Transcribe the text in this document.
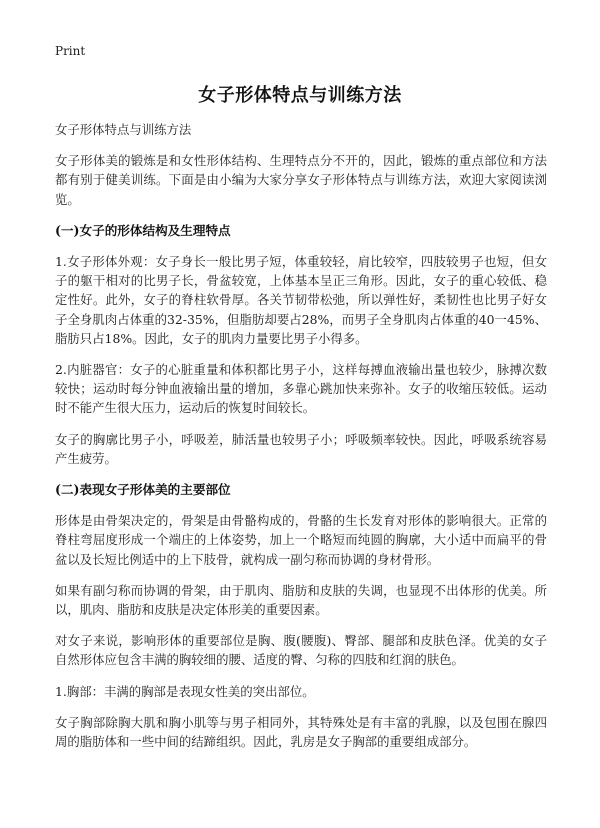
Print
女子形体特点与训练方法

女子形体特点与训练方法

女子形体美的锻炼是和女性形体结构、生理特点分不开的，因此，锻炼的重点部位和方法都有别于健美训练。下面是由小编为大家分享女子形体特点与训练方法，欢迎大家阅读浏览。

(一)女子的形体结构及生理特点

1.女子形体外观：女子身长一般比男子短，体重较轻，肩比较窄，四肢较男子也短，但女子的躯干相对的比男子长，骨盆较宽，上体基本呈正三角形。因此，女子的重心较低、稳定性好。此外，女子的脊柱软骨厚。各关节韧带松弛，所以弹性好，柔韧性也比男子好女子全身肌肉占体重的32-35%，但脂肪却要占28%，而男子全身肌肉占体重的40一45%、脂肪只占18%。因此，女子的肌肉力量要比男子小得多。

2.内脏器官：女子的心脏重量和体积都比男子小，这样每搏血液输出量也较少，脉搏次数较快；运动时每分钟血液输出量的增加，多靠心跳加快来弥补。女子的收缩压较低。运动时不能产生很大压力，运动后的恢复时间较长。

女子的胸廓比男子小，呼吸差，肺活量也较男子小；呼吸频率较快。因此，呼吸系统容易产生疲劳。

(二)表现女子形体美的主要部位

形体是由骨架决定的，骨架是由骨骼构成的，骨骼的生长发育对形体的影响很大。正常的脊柱弯屈度形成一个端庄的上体姿势，加上一个略短而纯圆的胸廓，大小适中而扁平的骨盆以及长短比例适中的上下肢骨，就构成一副匀称而协调的身材骨形。

如果有副匀称而协调的骨架，由于肌肉、脂肪和皮肤的失调，也显现不出体形的优美。所以，肌肉、脂肪和皮肤是决定体形美的重要因素。

对女子来说，影响形体的重要部位是胸、腹(腰腹)、臀部、腿部和皮肤色泽。优美的女子自然形体应包含丰满的胸较细的腰、适度的臀、匀称的四肢和红润的肤色。

1.胸部：丰满的胸部是表现女性美的突出部位。

女子胸部除胸大肌和胸小肌等与男子相同外，其特殊处是有丰富的乳腺，以及包围在腺四周的脂肪体和一些中间的结蹄组织。因此，乳房是女子胸部的重要组成部分。
